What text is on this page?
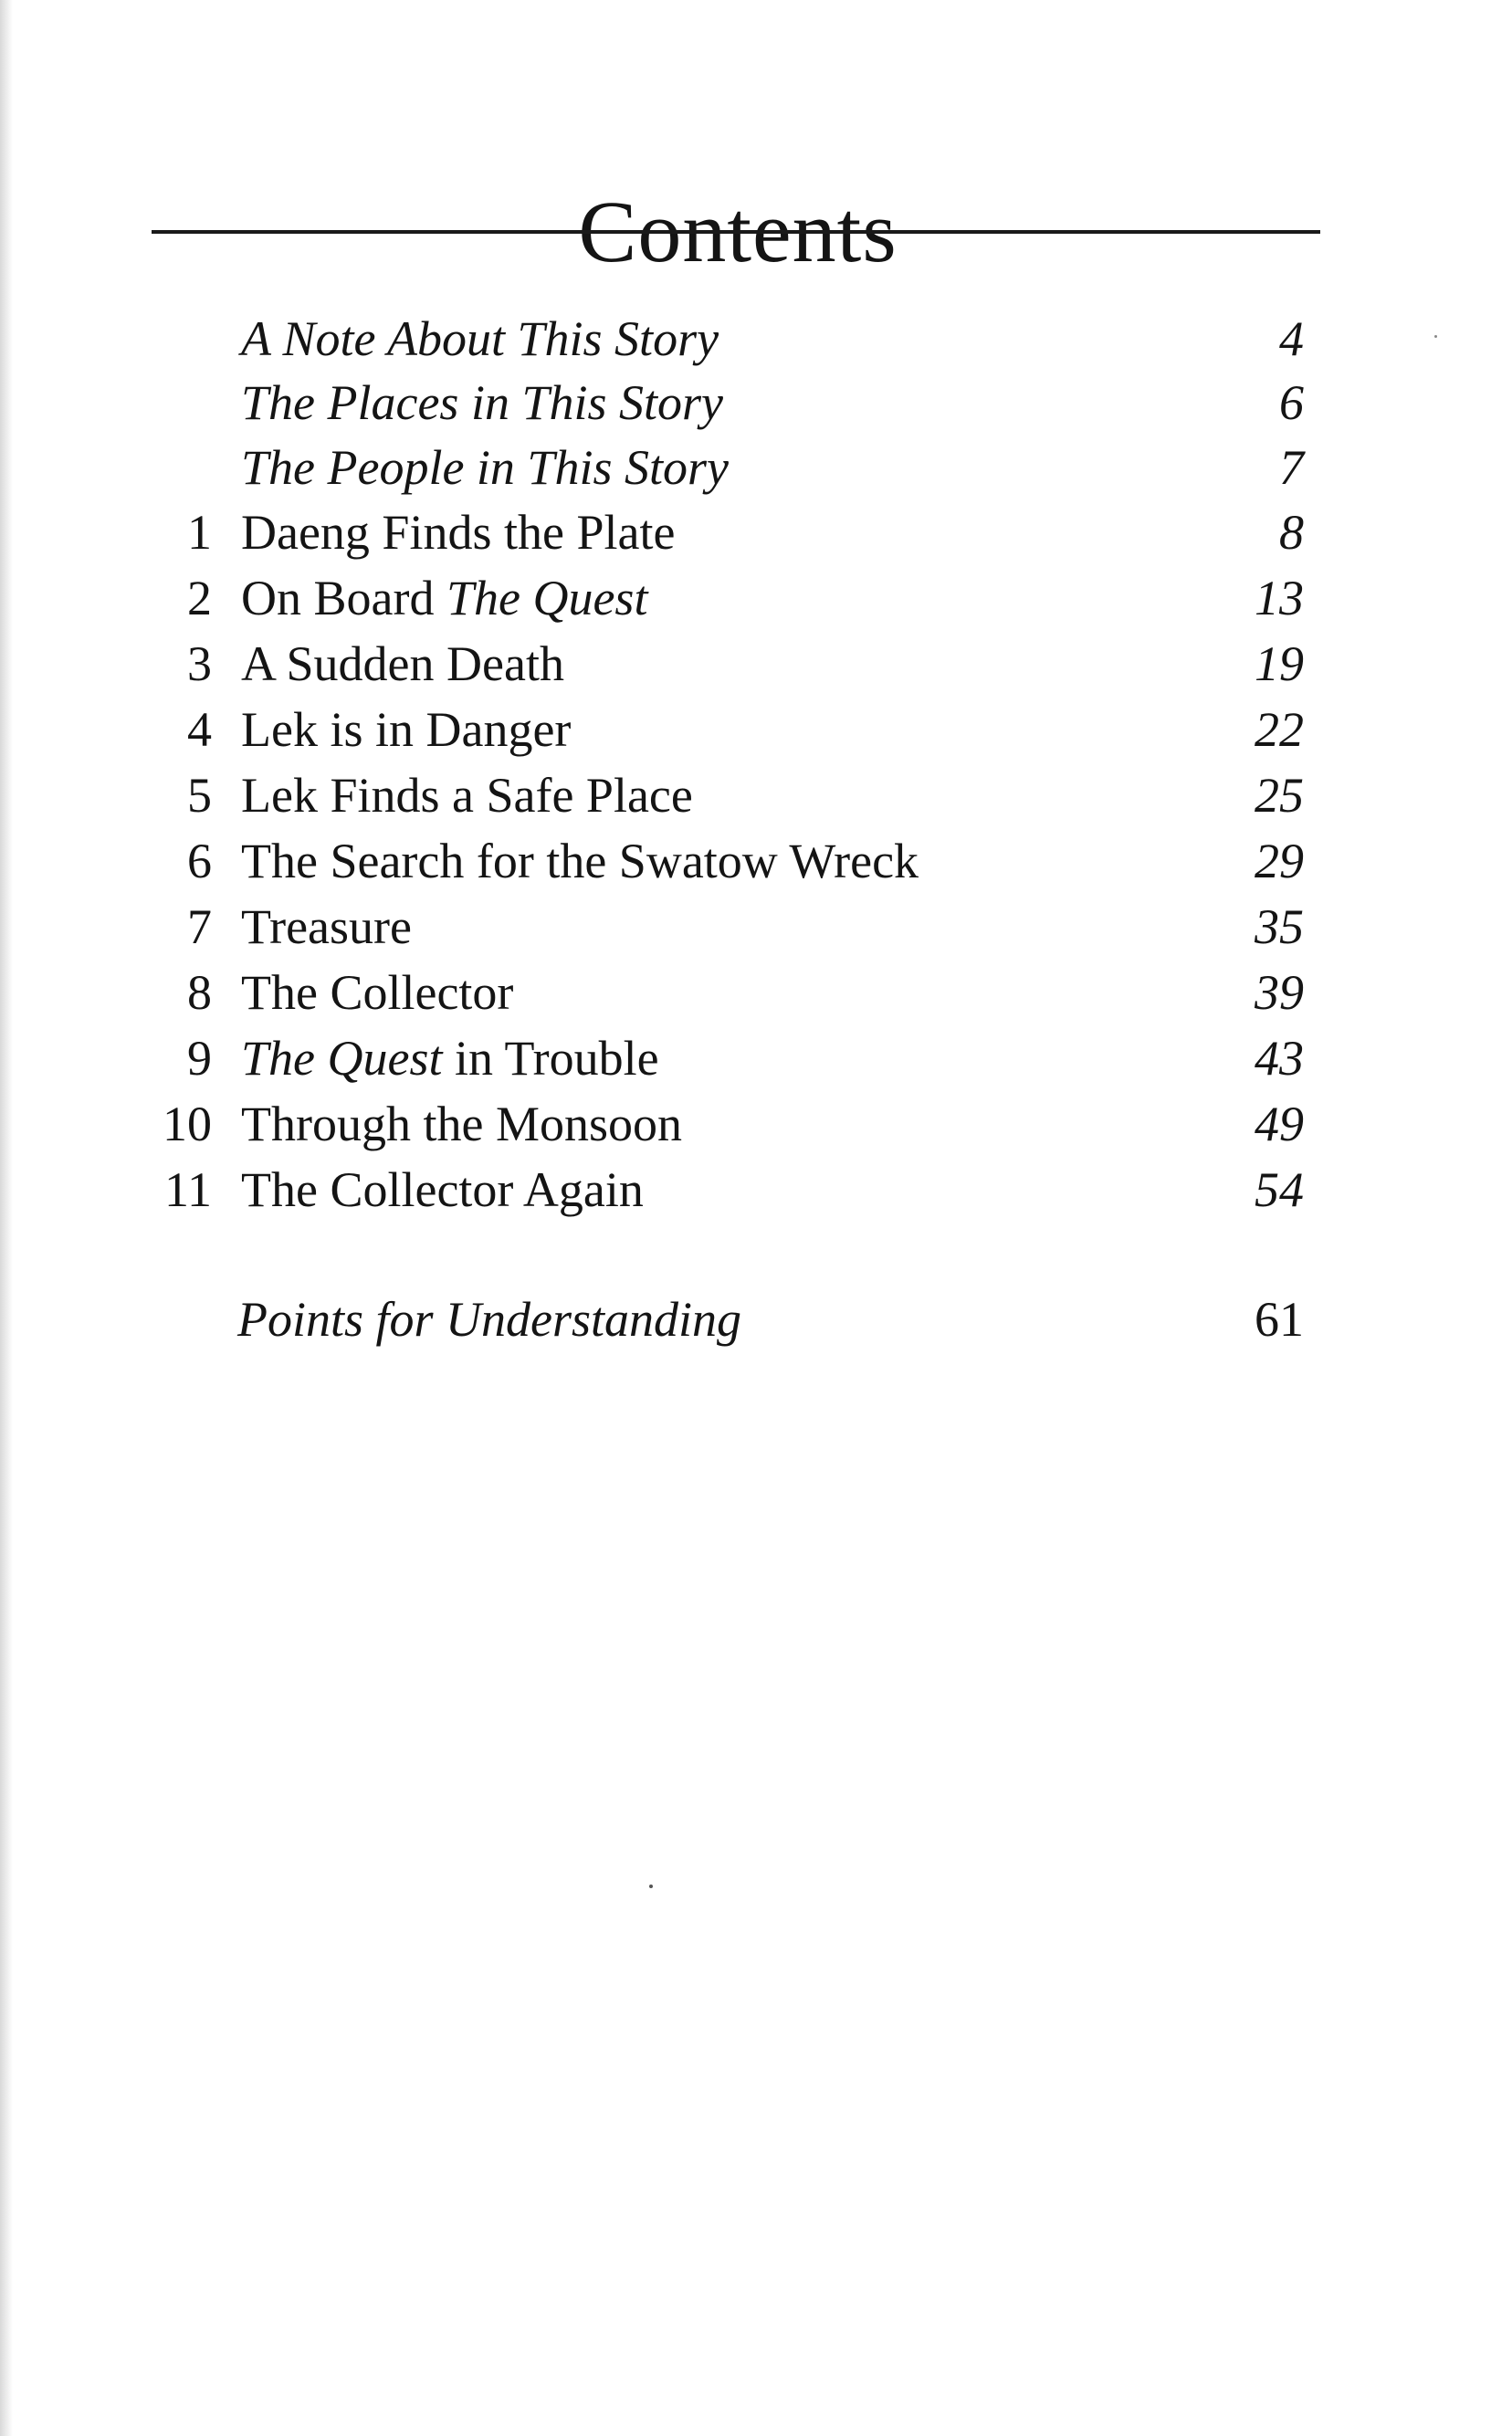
Contents
A Note About This Story	4
The Places in This Story	6
The People in This Story	7
1 Daeng Finds the Plate	8
2 On Board The Quest	13
3 A Sudden Death	19
4 Lek is in Danger	22
5 Lek Finds a Safe Place	25
6 The Search for the Swatow Wreck	29
7 Treasure	35
8 The Collector	39
9 The Quest in Trouble	43
10 Through the Monsoon	49
11 The Collector Again	54
Points for Understanding	61
